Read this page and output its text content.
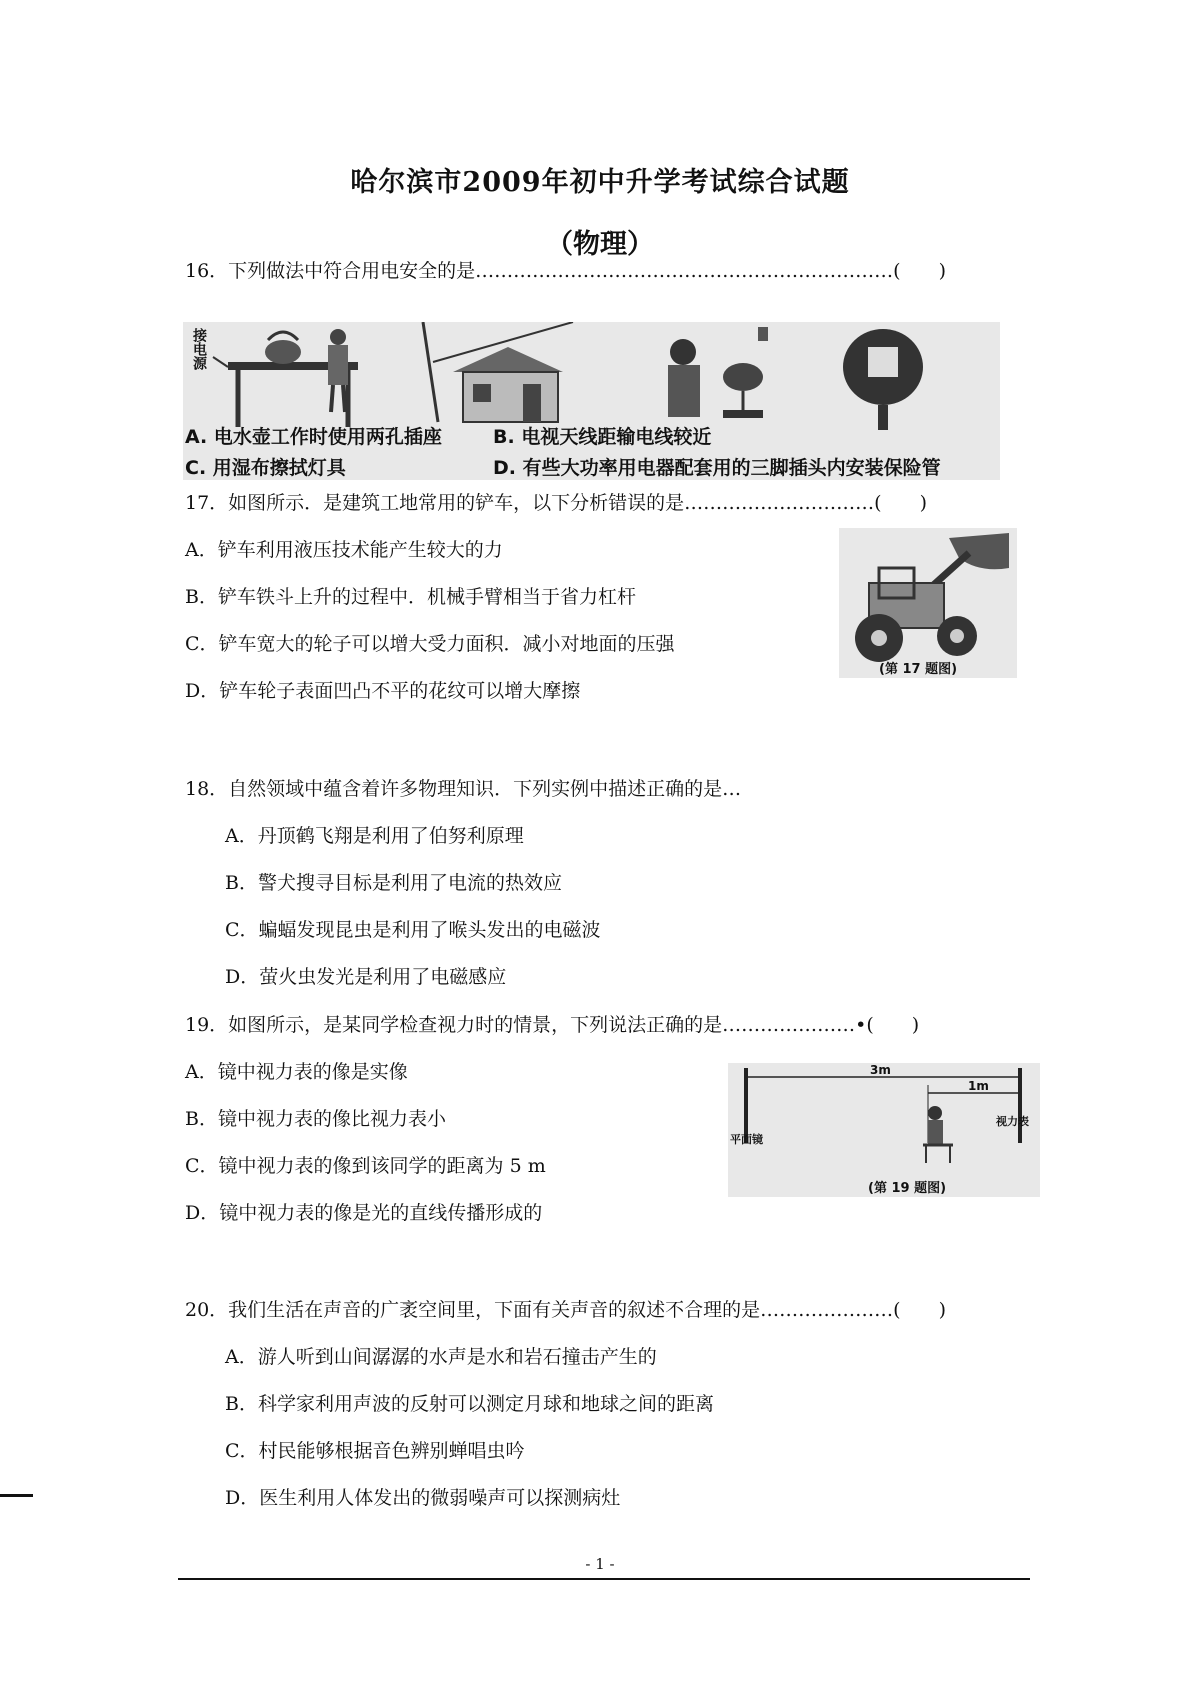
哈尔滨市2009年初中升学考试综合试题
（物理）
16．下列做法中符合用电安全的是…………………………………………………………(　　)
接电源
A. 电水壶工作时使用两孔插座	B. 电视天线距输电线较近
C. 用湿布擦拭灯具	D. 有些大功率用电器配套用的三脚插头内安装保险管
17．如图所示．是建筑工地常用的铲车，以下分析错误的是…………………………(　　)
A．铲车利用液压技术能产生较大的力
B．铲车铁斗上升的过程中．机械手臂相当于省力杠杆
C．铲车宽大的轮子可以增大受力面积．减小对地面的压强
D．铲车轮子表面凹凸不平的花纹可以增大摩擦
(第 17 题图)
18．自然领域中蕴含着许多物理知识．下列实例中描述正确的是…
A．丹顶鹤飞翔是利用了伯努利原理
B．警犬搜寻目标是利用了电流的热效应
C．蝙蝠发现昆虫是利用了喉头发出的电磁波
D．萤火虫发光是利用了电磁感应
19．如图所示，是某同学检查视力时的情景，下列说法正确的是…………………•(　　)
A．镜中视力表的像是实像
B．镜中视力表的像比视力表小
C．镜中视力表的像到该同学的距离为 5 m
D．镜中视力表的像是光的直线传播形成的
3m
1m
平面镜
视力表
(第 19 题图)
20．我们生活在声音的广袤空间里，下面有关声音的叙述不合理的是…………………(　　)
A．游人听到山间潺潺的水声是水和岩石撞击产生的
B．科学家利用声波的反射可以测定月球和地球之间的距离
C．村民能够根据音色辨别蝉唱虫吟
D．医生利用人体发出的微弱噪声可以探测病灶
- 1 -
